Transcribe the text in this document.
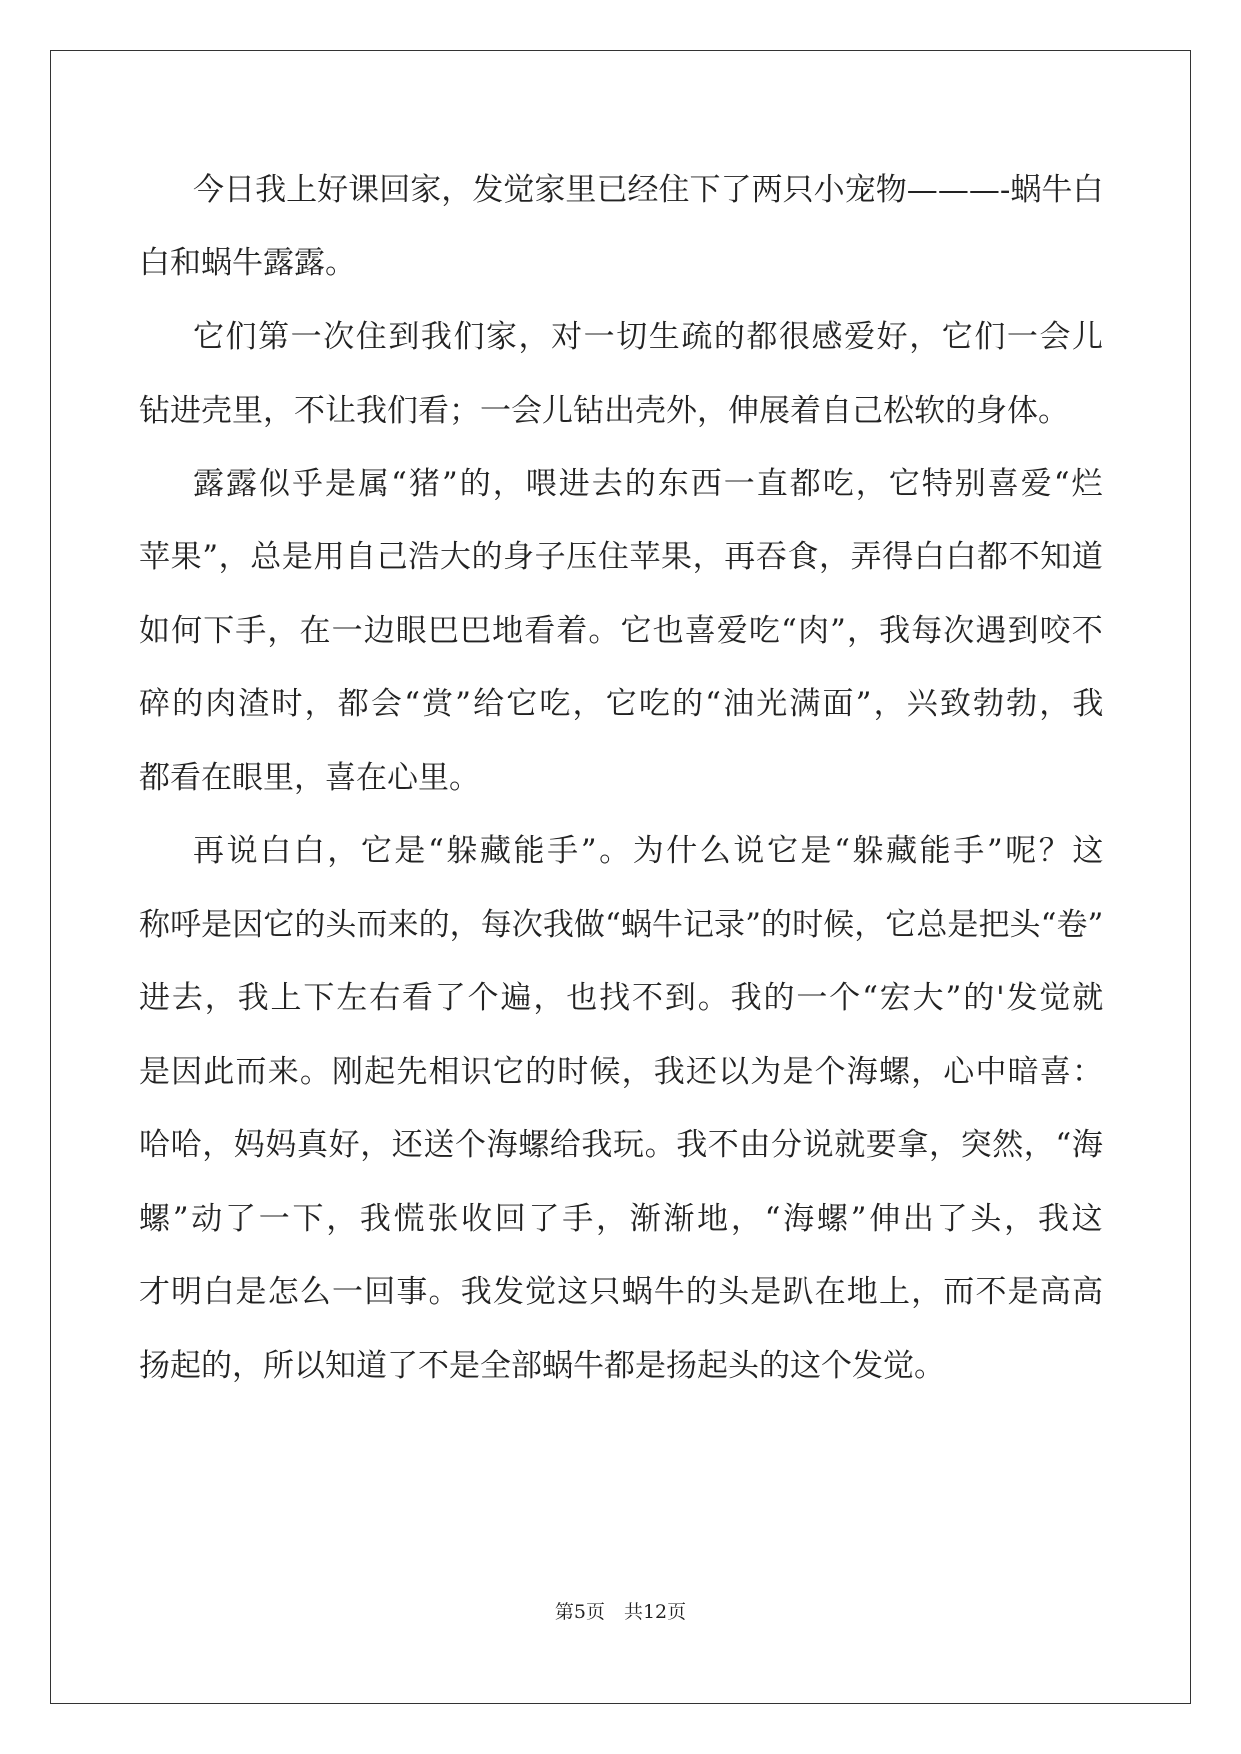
今日我上好课回家，发觉家里已经住下了两只小宠物———-蜗牛白

白和蜗牛露露。

它们第一次住到我们家，对一切生疏的都很感爱好，它们一会儿

钻进壳里，不让我们看；一会儿钻出壳外，伸展着自己松软的身体。

露露似乎是属“猪”的，喂进去的东西一直都吃，它特别喜爱“烂

苹果”，总是用自己浩大的身子压住苹果，再吞食，弄得白白都不知道

如何下手，在一边眼巴巴地看着。它也喜爱吃“肉”，我每次遇到咬不

碎的肉渣时，都会“赏”给它吃，它吃的“油光满面”，兴致勃勃，我

都看在眼里，喜在心里。

再说白白，它是“躲藏能手”。为什么说它是“躲藏能手”呢？这

称呼是因它的头而来的，每次我做“蜗牛记录”的时候，它总是把头“卷”

进去，我上下左右看了个遍，也找不到。我的一个“宏大”的'发觉就

是因此而来。刚起先相识它的时候，我还以为是个海螺，心中暗喜：

哈哈，妈妈真好，还送个海螺给我玩。我不由分说就要拿，突然，“海

螺”动了一下，我慌张收回了手，渐渐地，“海螺”伸出了头，我这

才明白是怎么一回事。我发觉这只蜗牛的头是趴在地上，而不是高高

扬起的，所以知道了不是全部蜗牛都是扬起头的这个发觉。

第5页　共12页
